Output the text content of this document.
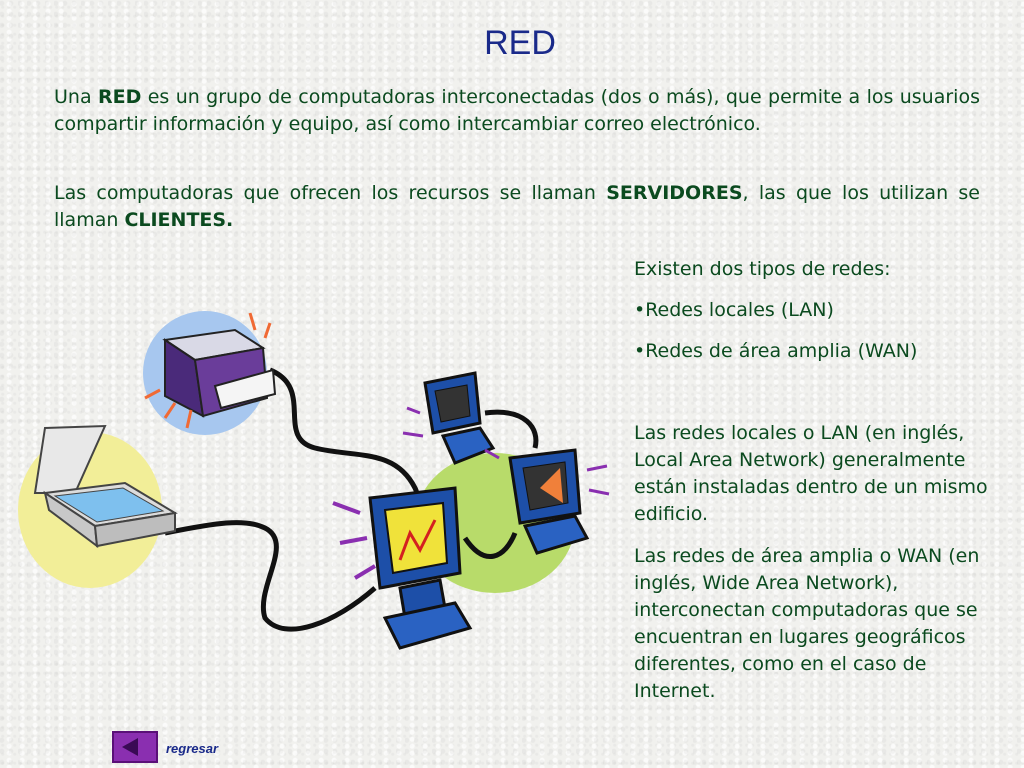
RED

Una RED es un grupo de computadoras interconectadas (dos o más), que permite a los usuarios compartir información y equipo, así como intercambiar correo electrónico.

Las computadoras que ofrecen los recursos se llaman SERVIDORES, las que los utilizan se llaman CLIENTES.

Existen dos tipos de redes:

•Redes locales (LAN)

•Redes de área amplia (WAN)

Las redes locales o LAN (en inglés, Local Area Network) generalmente están instaladas dentro de un mismo edificio.

Las redes de área amplia o WAN (en inglés, Wide Area Network), interconectan computadoras que se encuentran en lugares geográficos diferentes, como en el caso de Internet.

regresar
